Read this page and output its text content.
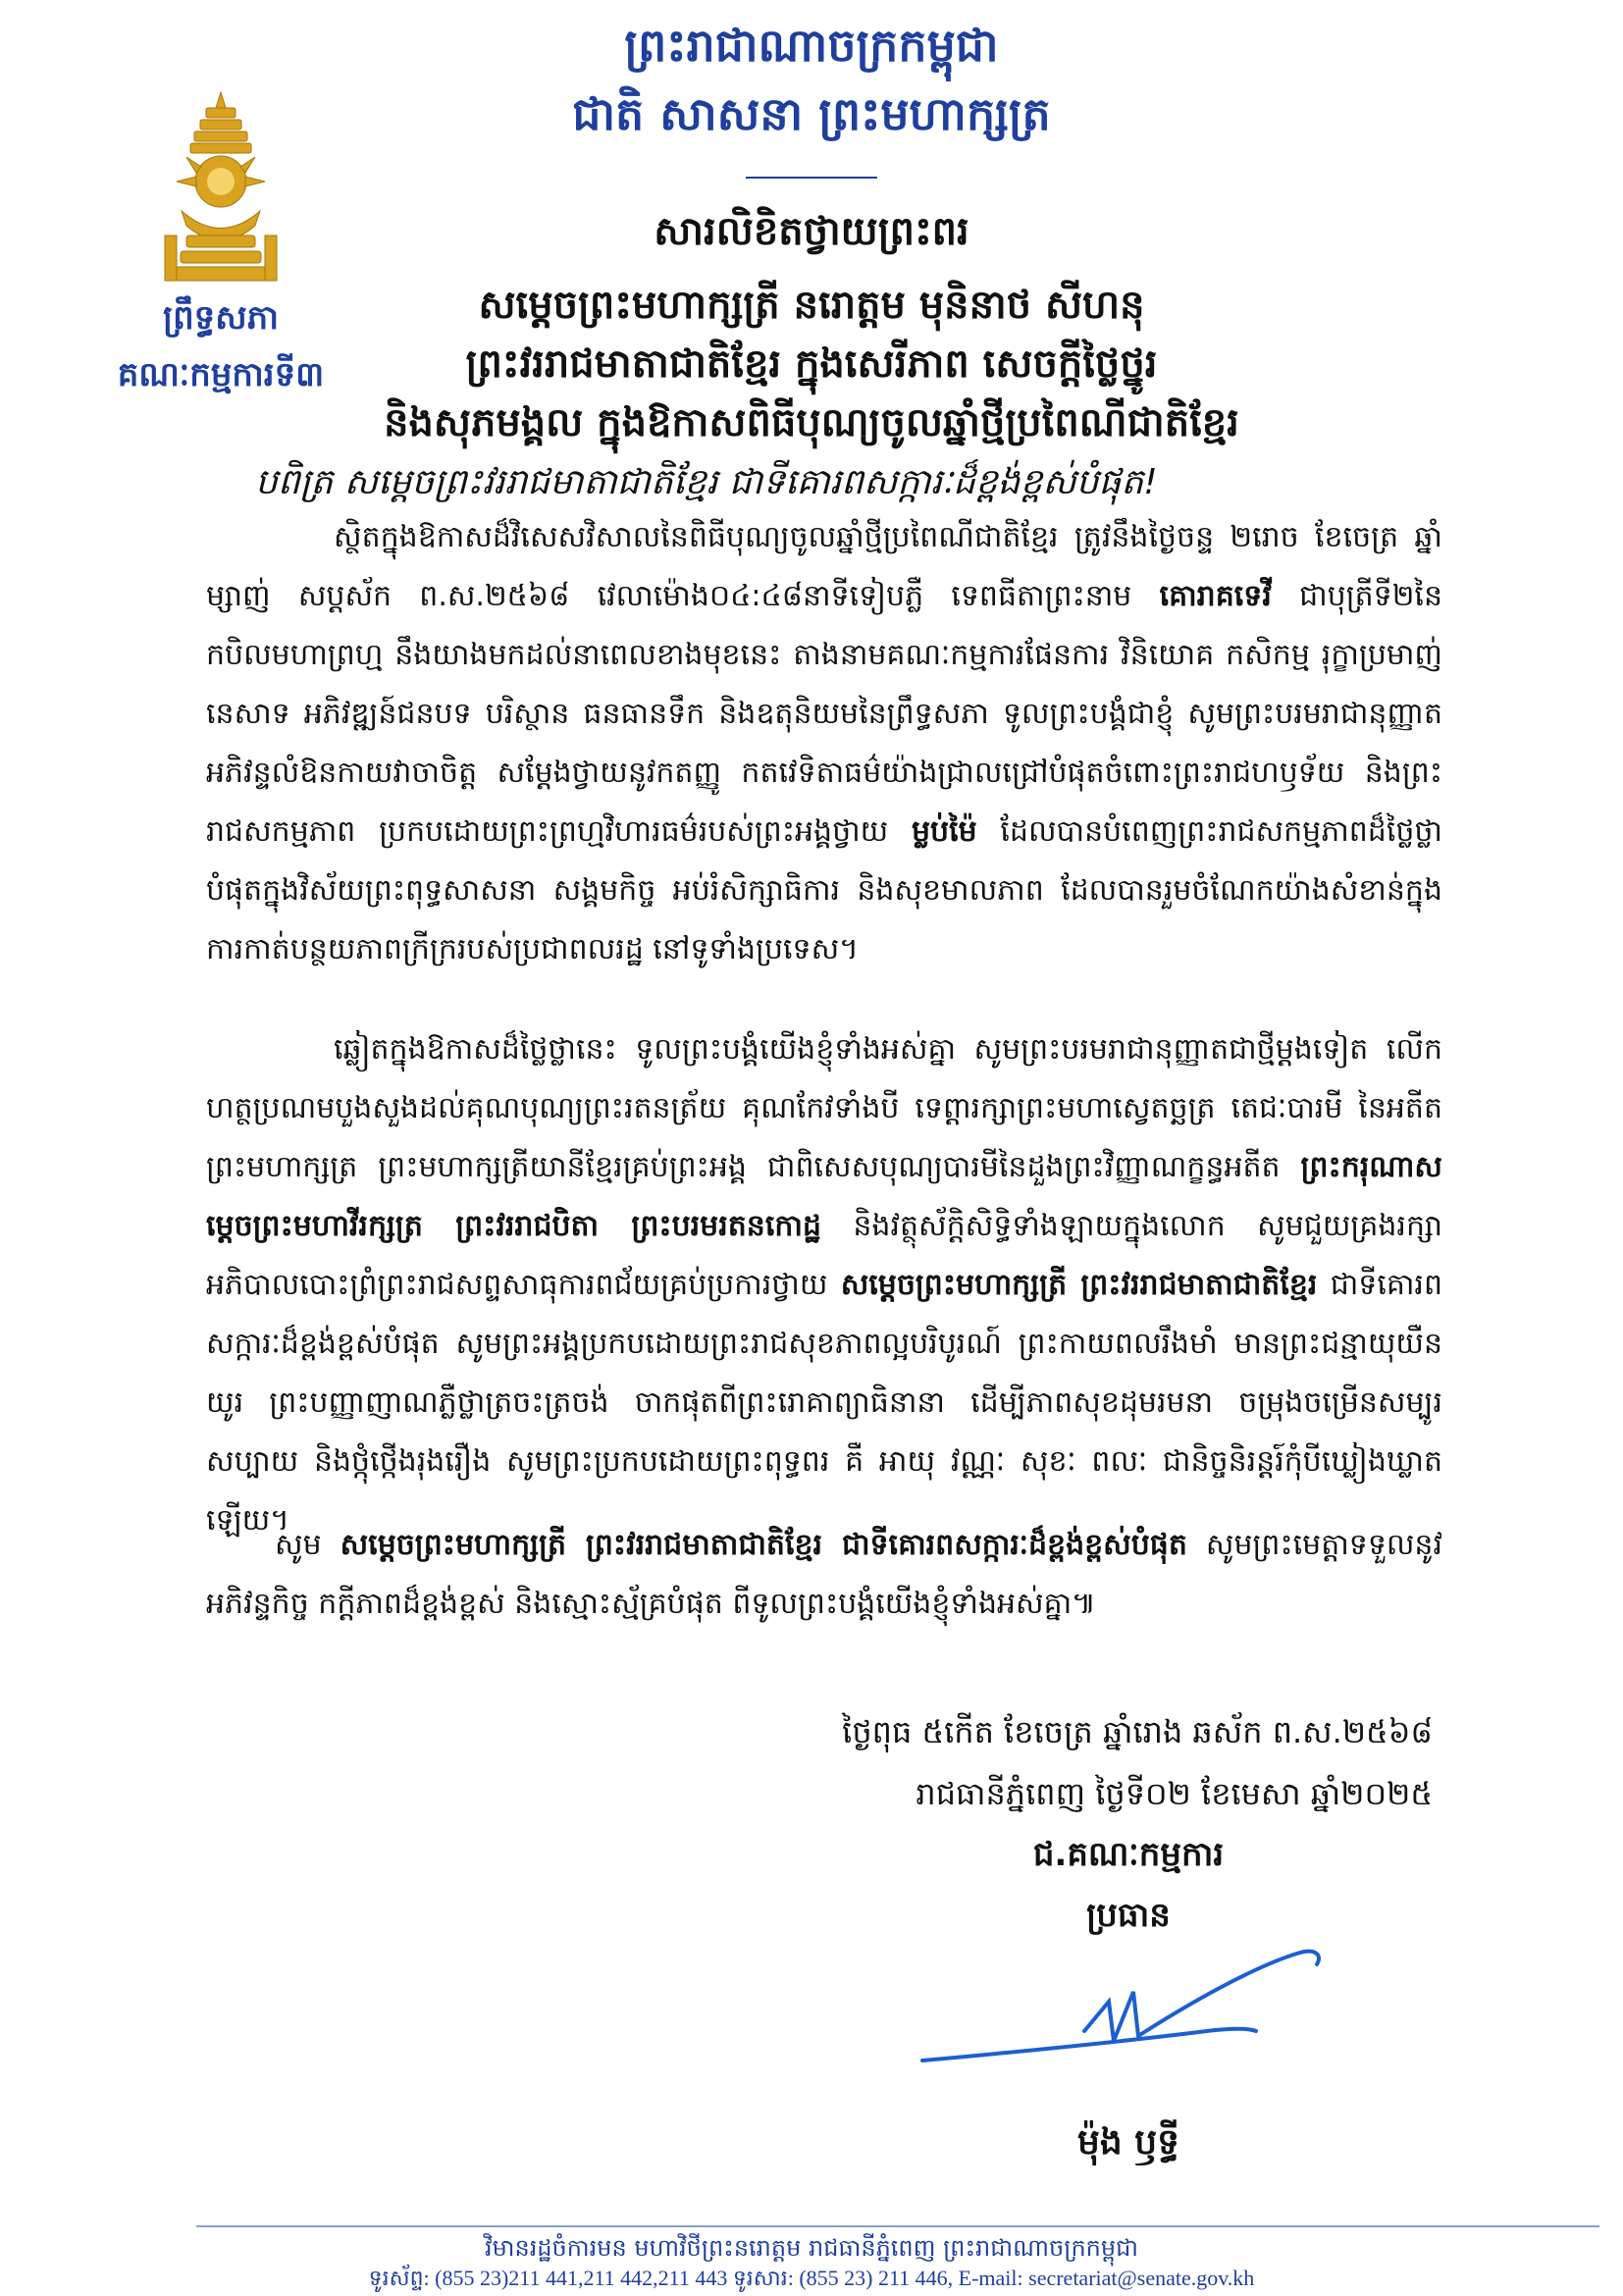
ព្រះរាជាណាចក្រកម្ពុជា
ជាតិ សាសនា ព្រះមហាក្សត្រ
ព្រឹទ្ធសភា
គណៈកម្មការទី៣
សារលិខិតថ្វាយព្រះពរ
សម្តេចព្រះមហាក្សត្រី នរោត្តម មុនិនាថ សីហនុ
ព្រះវររាជមាតាជាតិខ្មែរ ក្នុងសេរីភាព សេចក្តីថ្លៃថ្នូរ
និងសុភមង្គល ក្នុងឱកាសពិធីបុណ្យចូលឆ្នាំថ្មីប្រពៃណីជាតិខ្មែរ
បពិត្រ សម្តេចព្រះវររាជមាតាជាតិខ្មែរ ជាទីគោរពសក្ការៈដ៏ខ្ពង់ខ្ពស់បំផុត!
ស្ថិតក្នុងឱកាសដ៏វិសេសវិសាលនៃពិធីបុណ្យចូលឆ្នាំថ្មីប្រពៃណីជាតិខ្មែរ ត្រូវនឹងថ្ងៃចន្ទ ២រោច ខែចេត្រ ឆ្នាំម្សាញ់ សប្តស័ក ព.ស.២៥៦៨ វេលាម៉ោង០៤:៤៨នាទីទៀបភ្លឺ ទេពធីតាព្រះនាម គោរាគទេវី ជាបុត្រីទី២នៃកបិលមហាព្រហ្ម នឹងយាងមកដល់នាពេលខាងមុខនេះ តាងនាមគណៈកម្មការផែនការ វិនិយោគ កសិកម្ម រុក្ខាប្រមាញ់នេសាទ អភិវឌ្ឍន៍ជនបទ បរិស្ថាន ធនធានទឹក និងឧតុនិយមនៃព្រឹទ្ធសភា ទូលព្រះបង្គំជាខ្ញុំ សូមព្រះបរមរាជានុញ្ញាត អភិវន្ទលំឱនកាយវាចាចិត្ត សម្តែងថ្វាយនូវកតញ្ញូ កតវេទិតាធម៌យ៉ាងជ្រាលជ្រៅបំផុតចំពោះព្រះរាជហឫទ័យ និងព្រះរាជសកម្មភាព ប្រកបដោយព្រះព្រហ្មវិហារធម៌របស់ព្រះអង្គថ្វាយ ម្លប់ម៉ៃ ដែលបានបំពេញព្រះរាជសកម្មភាពដ៏ថ្លៃថ្លាបំផុតក្នុងវិស័យព្រះពុទ្ធសាសនា សង្គមកិច្ច អប់រំសិក្សាធិការ និងសុខមាលភាព ដែលបានរួមចំណែកយ៉ាងសំខាន់ក្នុងការកាត់បន្ថយភាពក្រីក្ររបស់ប្រជាពលរដ្ឋ នៅទូទាំងប្រទេស។
ឆ្លៀតក្នុងឱកាសដ៏ថ្លៃថ្លានេះ ទូលព្រះបង្គំយើងខ្ញុំទាំងអស់គ្នា សូមព្រះបរមរាជានុញ្ញាតជាថ្មីម្តងទៀត លើកហត្ថប្រណមបួងសួងដល់គុណបុណ្យព្រះរតនត្រ័យ គុណកែវទាំងបី ទេព្តារក្សាព្រះមហាស្វេតច្ឆត្រ តេជៈបារមី នៃអតីតព្រះមហាក្សត្រ ព្រះមហាក្សត្រីយានីខ្មែរគ្រប់ព្រះអង្គ ជាពិសេសបុណ្យបារមីនៃដួងព្រះវិញ្ញាណក្ខន្ធអតីត ព្រះករុណាសម្តេចព្រះមហាវីរក្សត្រ ព្រះវររាជបិតា ព្រះបរមរតនកោដ្ឋ និងវត្ថុស័ក្តិសិទ្ធិទាំងឡាយក្នុងលោក សូមជួយគ្រងរក្សាអភិបាលបោះព្រំព្រះរាជសព្ទសាធុការពជ័យគ្រប់ប្រការថ្វាយ សម្តេចព្រះមហាក្សត្រី ព្រះវររាជមាតាជាតិខ្មែរ ជាទីគោរពសក្ការៈដ៏ខ្ពង់ខ្ពស់បំផុត សូមព្រះអង្គប្រកបដោយព្រះរាជសុខភាពល្អបរិបូរណ៍ ព្រះកាយពលរឹងមាំ មានព្រះជន្មាយុយឺនយូរ ព្រះបញ្ញាញាណភ្លឺថ្លាត្រចះត្រចង់ ចាកផុតពីព្រះរោគាព្យាធិនានា ដើម្បីភាពសុខដុមរមនា ចម្រុងចម្រើនសម្បូរសប្បាយ និងថ្កុំថ្កើងរុងរឿង សូមព្រះប្រកបដោយព្រះពុទ្ធពរ គឺ អាយុ វណ្ណៈ សុខៈ ពលៈ ជានិច្ចនិរន្តរ៍កុំបីឃ្លៀងឃ្លាតឡើយ។
សូម សម្តេចព្រះមហាក្សត្រី ព្រះវររាជមាតាជាតិខ្មែរ ជាទីគោរពសក្ការៈដ៏ខ្ពង់ខ្ពស់បំផុត សូមព្រះមេត្តាទទួលនូវអភិវន្ទកិច្ច កក្តីភាពដ៏ខ្ពង់ខ្ពស់ និងស្មោះស្ម័គ្របំផុត ពីទូលព្រះបង្គំយើងខ្ញុំទាំងអស់គ្នា៕
ថ្ងៃពុធ ៥កើត ខែចេត្រ ឆ្នាំរោង ឆស័ក ព.ស.២៥៦៨
រាជធានីភ្នំពេញ ថ្ងៃទី០២ ខែមេសា ឆ្នាំ២០២៥
ជ.គណៈកម្មការ
ប្រធាន
ម៉ុង ឫទ្ធី
វិមានរដ្ឋចំការមន មហាវិថីព្រះនរោត្តម រាជធានីភ្នំពេញ ព្រះរាជាណាចក្រកម្ពុជា
ទូរស័ព្ទ: (855 23)211 441,211 442,211 443 ទូរសារ: (855 23) 211 446, E-mail: secretariat@senate.gov.kh
